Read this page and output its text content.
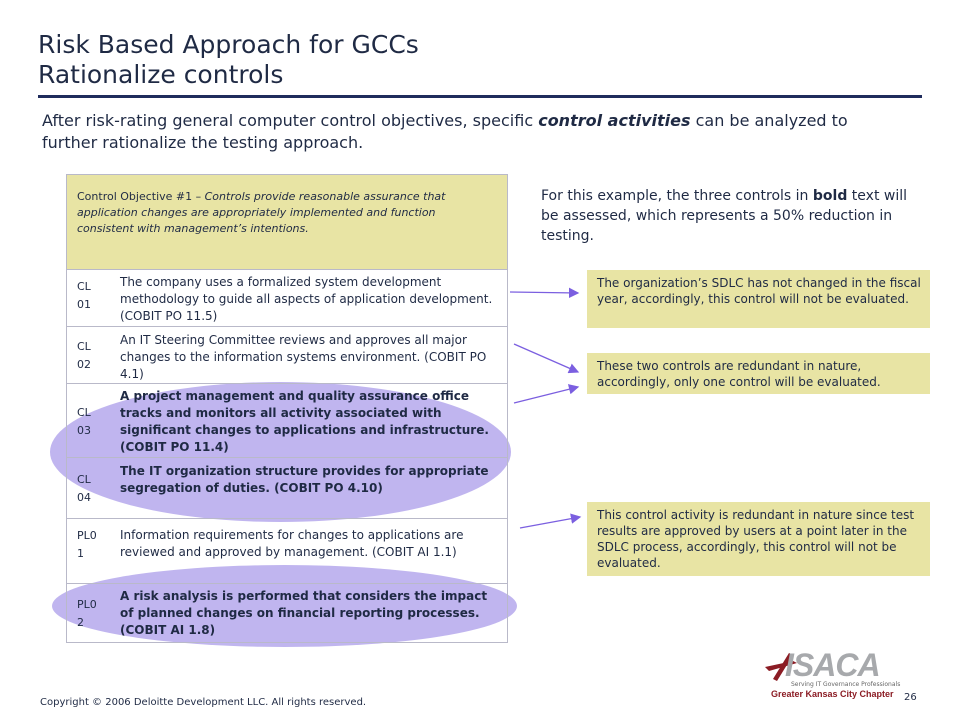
Risk Based Approach for GCCs
Rationalize controls
After risk-rating general computer control objectives, specific control activities can be analyzed to further rationalize the testing approach.
Control Objective #1 – Controls provide reasonable assurance that application changes are appropriately implemented and function consistent with management’s intentions.
CL 01
The company uses a formalized system development methodology to guide all aspects of application development. (COBIT PO 11.5)
CL 02
An IT Steering Committee reviews and approves all major changes to the information systems environment. (COBIT PO 4.1)
CL 03
A project management and quality assurance office tracks and monitors all activity associated with significant changes to applications and infrastructure. (COBIT PO 11.4)
CL 04
The IT organization structure provides for appropriate segregation of duties. (COBIT PO 4.10)
PL0 1
Information requirements for changes to applications are reviewed and approved by management. (COBIT AI 1.1)
PL0 2
A risk analysis is performed that considers the impact of planned changes on financial reporting processes. (COBIT AI 1.8)
For this example, the three controls in bold text will be assessed, which represents a 50% reduction in testing.
The organization’s SDLC has not changed in the fiscal year, accordingly, this control will not be evaluated.
These two controls are redundant in nature, accordingly, only one control will be evaluated.
This control activity is redundant in nature since test results are approved by users at a point later in the SDLC process, accordingly, this control will not be evaluated.
Copyright © 2006 Deloitte Development LLC. All rights reserved.
ISACA
Serving IT Governance Professionals
Greater Kansas City Chapter 26
